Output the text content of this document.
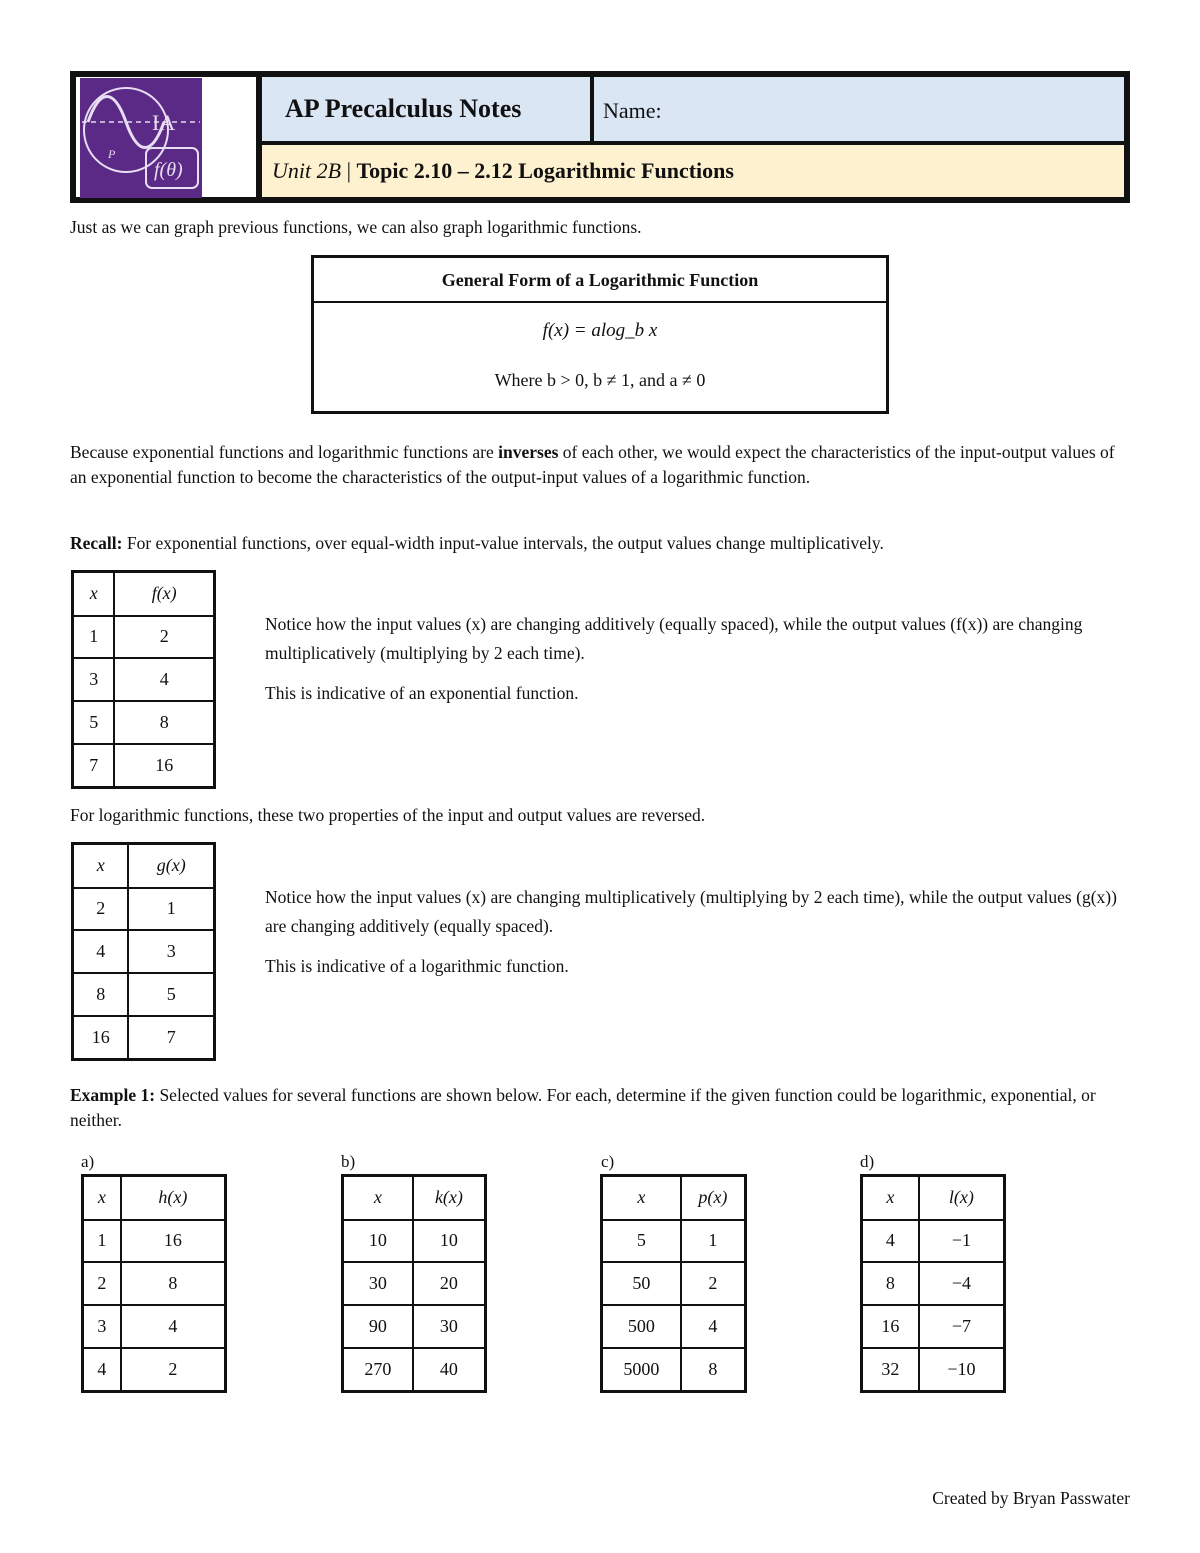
P
IA
f(θ)
AP Precalculus Notes	Name:
Unit 2B | Topic 2.10 – 2.12 Logarithmic Functions

Just as we can graph previous functions, we can also graph logarithmic functions.

General Form of a Logarithmic Function
f(x) = alog_b x
Where b > 0, b ≠ 1, and a ≠ 0

Because exponential functions and logarithmic functions are inverses of each other, we would expect the characteristics of the input-output values of an exponential function to become the characteristics of the output-input values of a logarithmic function.

Recall: For exponential functions, over equal-width input-value intervals, the output values change multiplicatively.

x	f(x)
1	2
3	4
5	8
7	16

Notice how the input values (x) are changing additively (equally spaced), while the output values (f(x)) are changing multiplicatively (multiplying by 2 each time).

This is indicative of an exponential function.

For logarithmic functions, these two properties of the input and output values are reversed.

x	g(x)
2	1
4	3
8	5
16	7

Notice how the input values (x) are changing multiplicatively (multiplying by 2 each time), while the output values (g(x)) are changing additively (equally spaced).

This is indicative of a logarithmic function.

Example 1: Selected values for several functions are shown below. For each, determine if the given function could be logarithmic, exponential, or neither.

a)
x	h(x)
1	16
2	8
3	4
4	2
b)
x	k(x)
10	10
30	20
90	30
270	40
c)
x	p(x)
5	1
50	2
500	4
5000	8
d)
x	l(x)
4	−1
8	−4
16	−7
32	−10
Created by Bryan Passwater
